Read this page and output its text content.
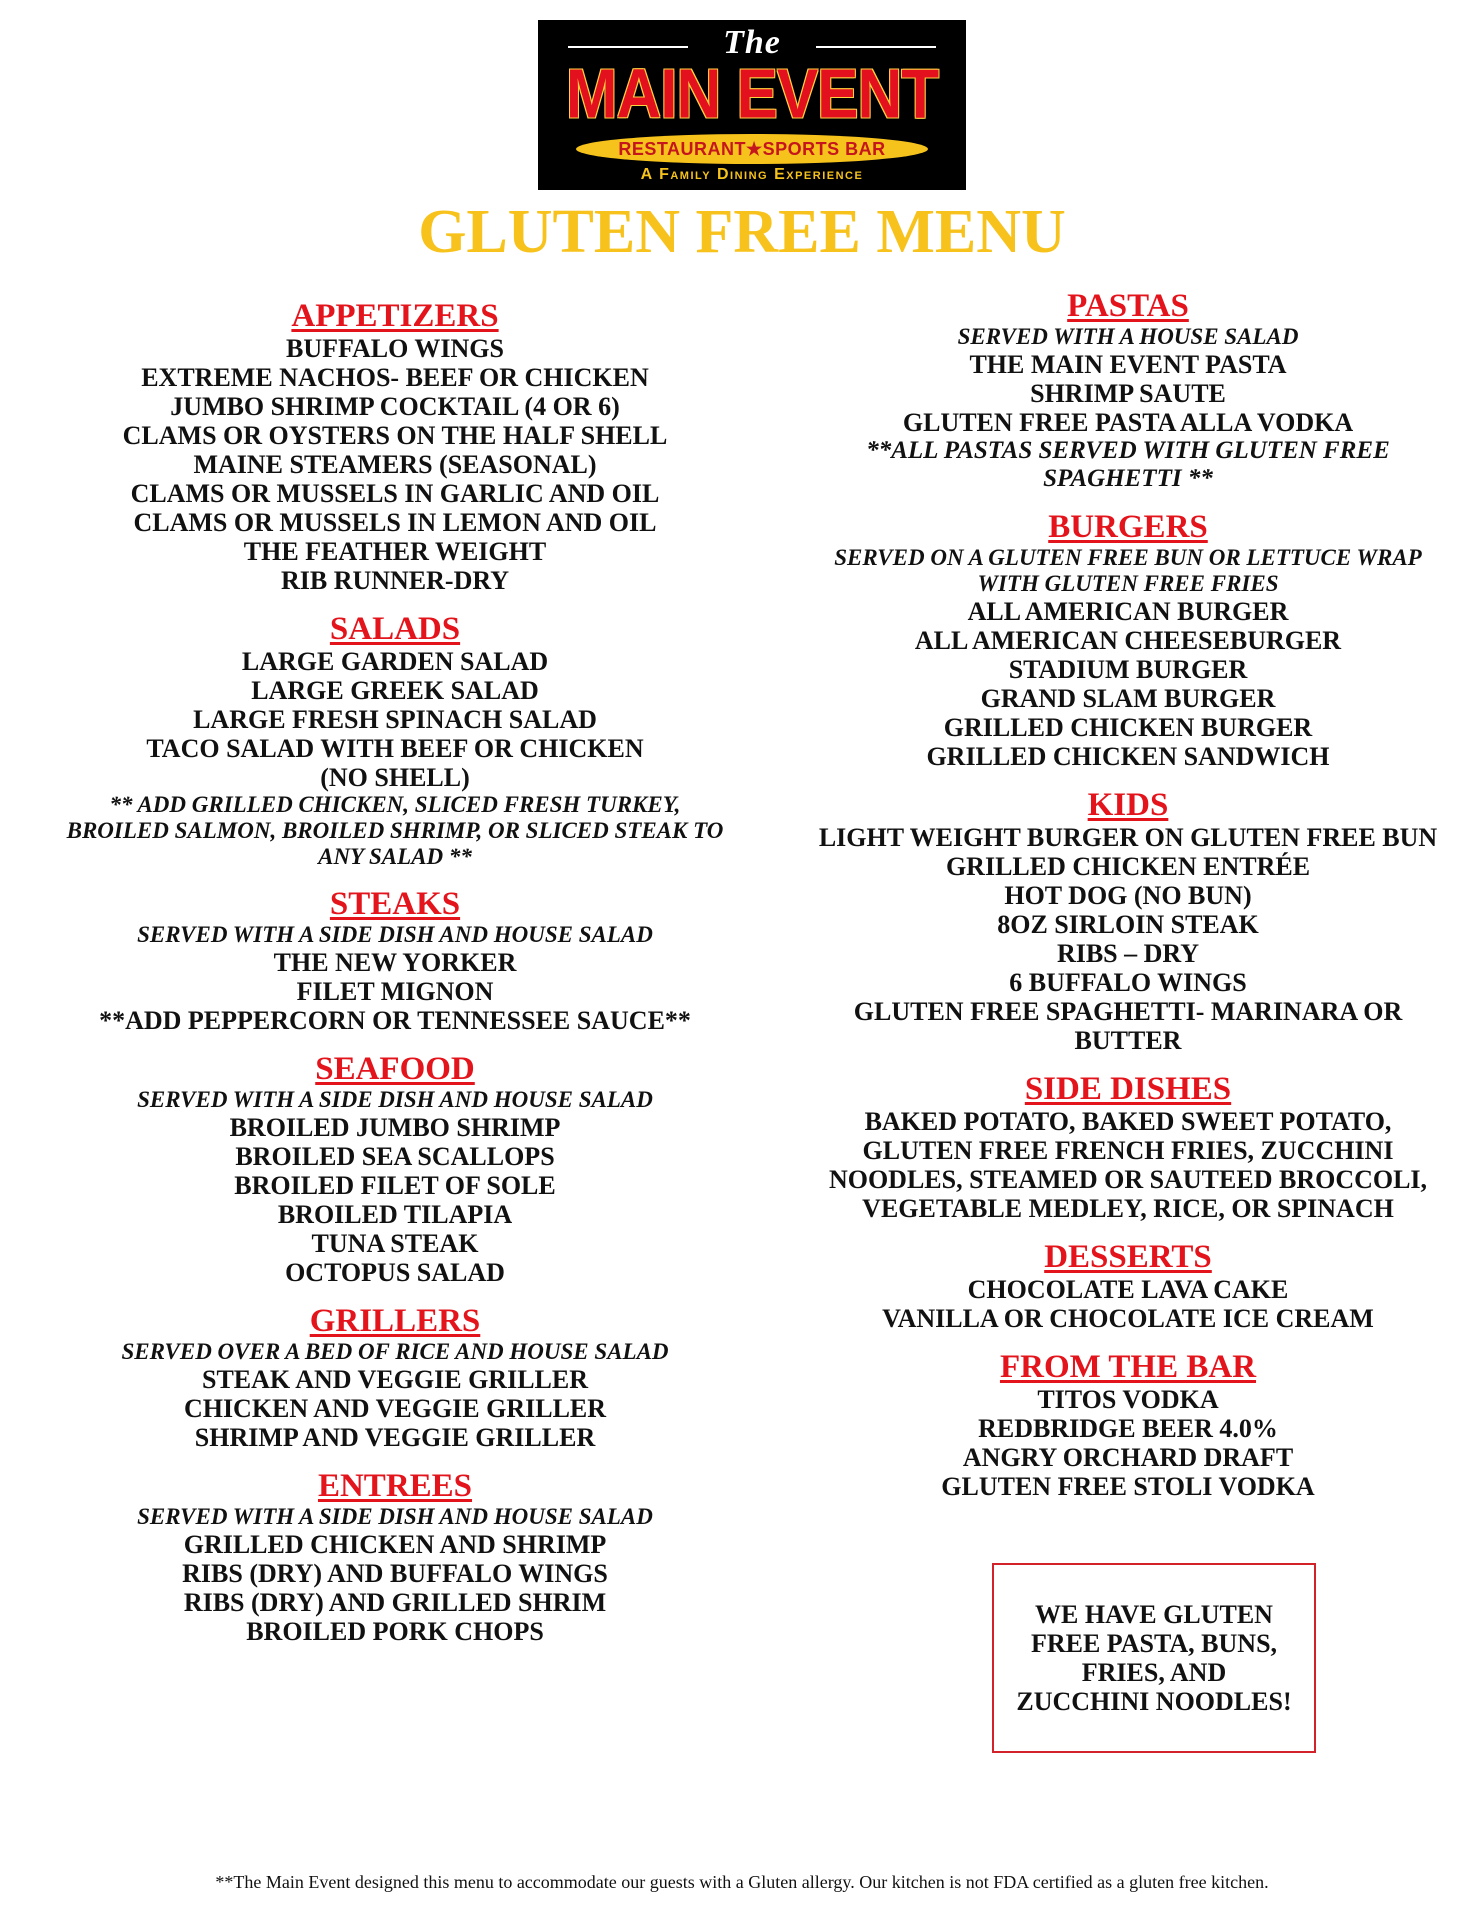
The
MAIN EVENT
RESTAURANT★SPORTS BAR
A Family Dining Experience
GLUTEN FREE MENU
APPETIZERS
BUFFALO WINGS
EXTREME NACHOS- BEEF OR CHICKEN
JUMBO SHRIMP COCKTAIL (4 OR 6)
CLAMS OR OYSTERS ON THE HALF SHELL
MAINE STEAMERS (SEASONAL)
CLAMS OR MUSSELS IN GARLIC AND OIL
CLAMS OR MUSSELS IN LEMON AND OIL
THE FEATHER WEIGHT
RIB RUNNER-DRY
SALADS
LARGE GARDEN SALAD
LARGE GREEK SALAD
LARGE FRESH SPINACH SALAD
TACO SALAD WITH BEEF OR CHICKEN
(NO SHELL)
** ADD GRILLED CHICKEN, SLICED FRESH TURKEY, BROILED SALMON, BROILED SHRIMP, OR SLICED STEAK TO ANY SALAD **
STEAKS
SERVED WITH A SIDE DISH AND HOUSE SALAD
THE NEW YORKER
FILET MIGNON
**ADD PEPPERCORN OR TENNESSEE SAUCE**
SEAFOOD
SERVED WITH A SIDE DISH AND HOUSE SALAD
BROILED JUMBO SHRIMP
BROILED SEA SCALLOPS
BROILED FILET OF SOLE
BROILED TILAPIA
TUNA STEAK
OCTOPUS SALAD
GRILLERS
SERVED OVER A BED OF RICE AND HOUSE SALAD
STEAK AND VEGGIE GRILLER
CHICKEN AND VEGGIE GRILLER
SHRIMP AND VEGGIE GRILLER
ENTREES
SERVED WITH A SIDE DISH AND HOUSE SALAD
GRILLED CHICKEN AND SHRIMP
RIBS (DRY) AND BUFFALO WINGS
RIBS (DRY) AND GRILLED SHRIM
BROILED PORK CHOPS
PASTAS
SERVED WITH A HOUSE SALAD
THE MAIN EVENT PASTA
SHRIMP SAUTE
GLUTEN FREE PASTA ALLA VODKA
**ALL PASTAS SERVED WITH GLUTEN FREE SPAGHETTI **
BURGERS
SERVED ON A GLUTEN FREE BUN OR LETTUCE WRAP WITH GLUTEN FREE FRIES
ALL AMERICAN BURGER
ALL AMERICAN CHEESEBURGER
STADIUM BURGER
GRAND SLAM BURGER
GRILLED CHICKEN BURGER
GRILLED CHICKEN SANDWICH
KIDS
LIGHT WEIGHT BURGER ON GLUTEN FREE BUN
GRILLED CHICKEN ENTRÉE
HOT DOG (NO BUN)
8OZ SIRLOIN STEAK
RIBS – DRY
6 BUFFALO WINGS
GLUTEN FREE SPAGHETTI- MARINARA OR BUTTER
SIDE DISHES
BAKED POTATO, BAKED SWEET POTATO, GLUTEN FREE FRENCH FRIES, ZUCCHINI NOODLES, STEAMED OR SAUTEED BROCCOLI, VEGETABLE MEDLEY, RICE, OR SPINACH
DESSERTS
CHOCOLATE LAVA CAKE
VANILLA OR CHOCOLATE ICE CREAM
FROM THE BAR
TITOS VODKA
REDBRIDGE BEER 4.0%
ANGRY ORCHARD DRAFT
GLUTEN FREE STOLI VODKA
WE HAVE GLUTEN FREE PASTA, BUNS, FRIES, AND ZUCCHINI NOODLES!
**The Main Event designed this menu to accommodate our guests with a Gluten allergy. Our kitchen is not FDA certified as a gluten free kitchen.
